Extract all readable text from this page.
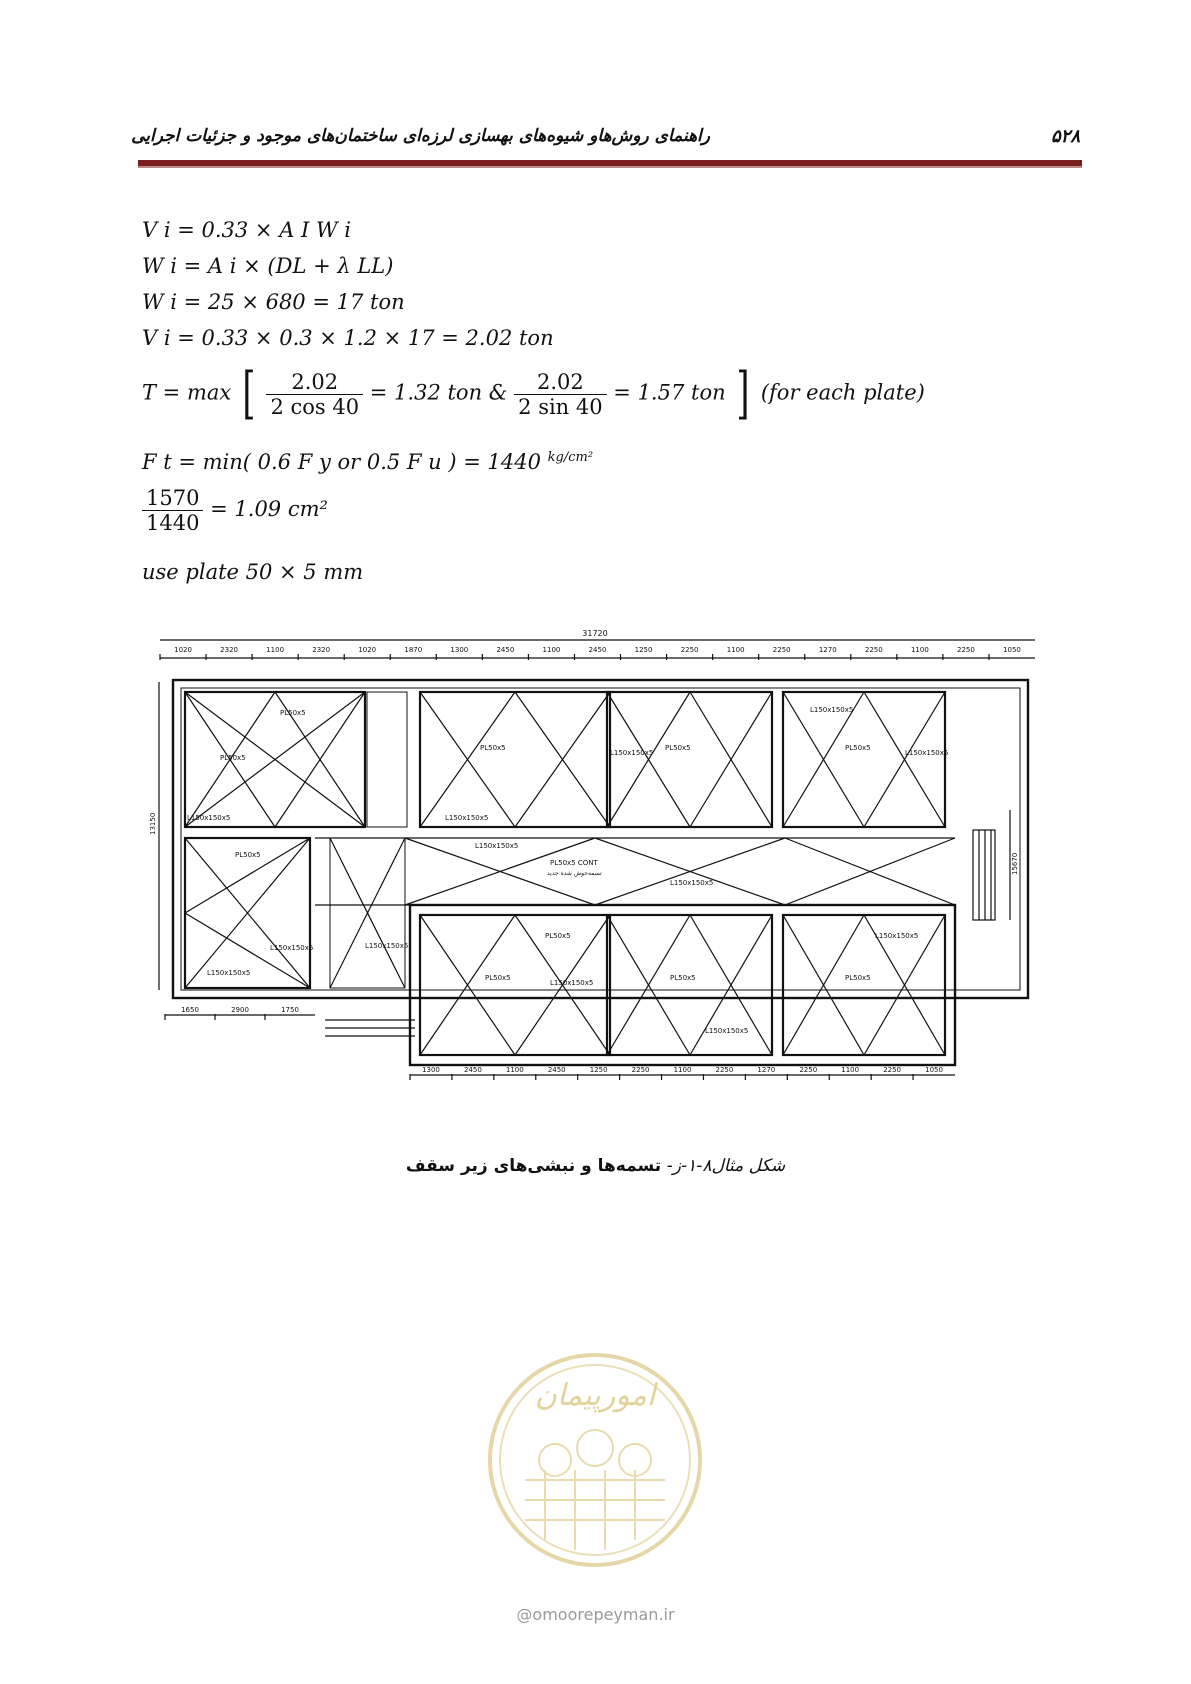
راهنمای روش‌هاو شیوه‌های بهسازی لرزه‌ای ساختمان‌های موجود و جزئیات اجرایی	۵۲۸
V i = 0.33 × A I W i
W i = A i × (DL + λ LL)
W i = 25 × 680 = 17 ton
V i = 0.33 × 0.3 × 1.2 × 17 = 2.02 ton
T = max [ $\frac{2.02}{2 \cos 40} = 1.32$ ton & $\frac{2.02}{2 \sin 40} = 1.57$ ton ] (for each plate)
F t = min( 0.6 F y or 0.5 F u ) = 1440 $^{kg/cm^2}$
$\frac{1570}{1440} = 1.09$ cm²
use plate 50 × 5 mm
31720
1020	2320	1100	2320	1020	1870	1300	2450	1100	2450	1250	2250	1100	2250	1270	2250	1100	2250	1050
PL50x5
PL50x5
L150x150x5
PL50x5
L150x150x5
L150x150x5
PL50x5
L150x150x5
PL50x5
L150x150x5
L150x150x5
PL50x5 CONT
تسمه‌جوش شده جدید
L150x150x5
PL50x5
L150x150x5
L150x150x5
L150x150x5
PL50x5
PL50x5
L150x150x5
PL50x5
L150x150x5
L150x150x5
PL50x5
13150
15670
1650	2900	1750
1300	2450	1100	2450	1250	2250	1100	2250	1270	2250	1100	2250	1050
شکل مثال۸-۱-ز- تسمه‌ها و نبشی‌های زیر سقف
امورپیمان
@omoorepeyman.ir
